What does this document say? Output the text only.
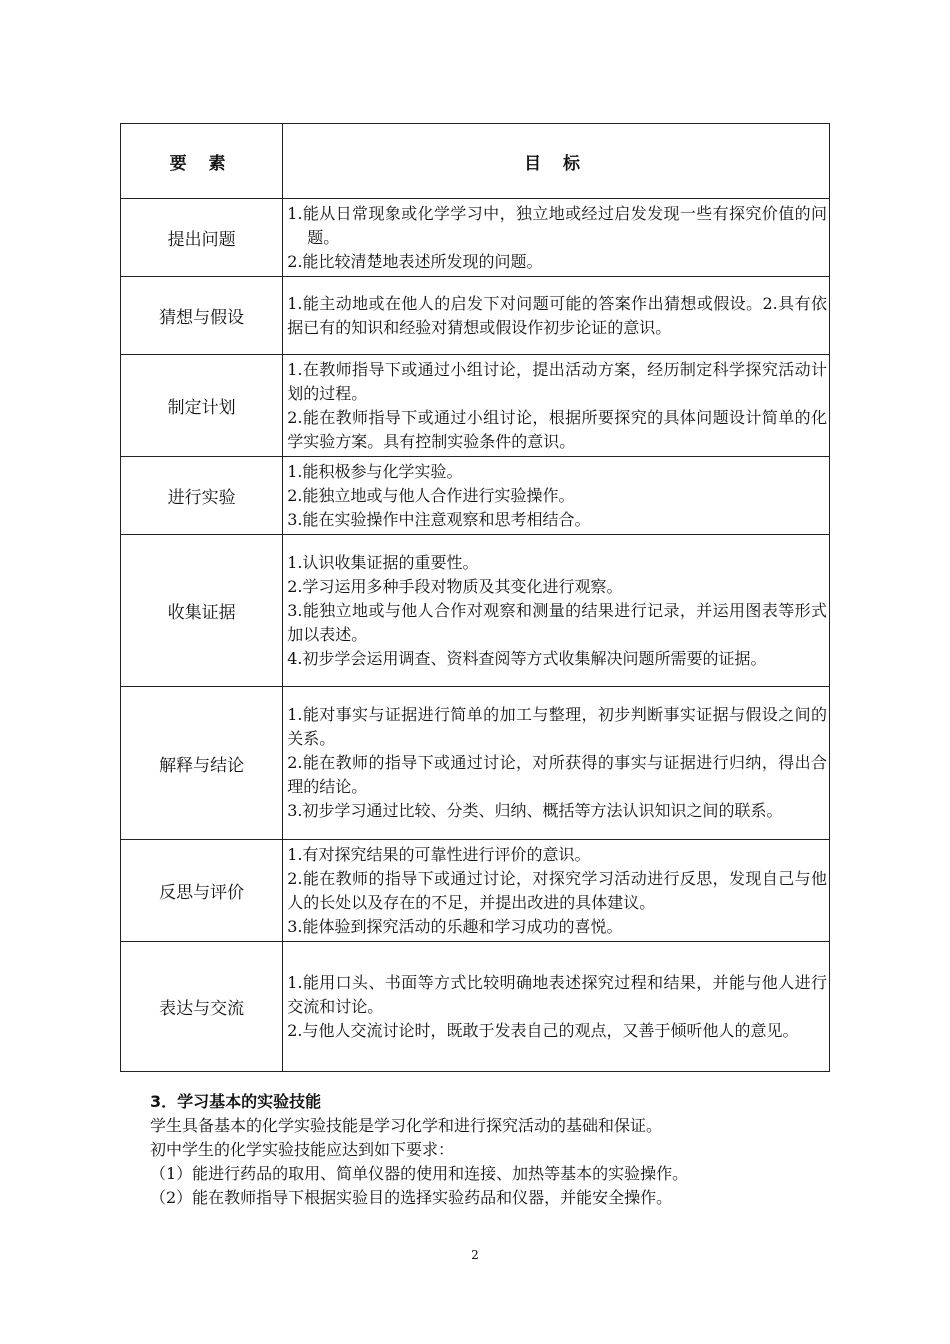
要 素	目 标
提出问题	1.能从日常现象或化学学习中，独立地或经过启发发现一些有探究价值的问题。
2.能比较清楚地表述所发现的问题。

猜想与假设	1.能主动地或在他人的启发下对问题可能的答案作出猜想或假设。2.具有依据已有的知识和经验对猜想或假设作初步论证的意识。

制定计划	1.在教师指导下或通过小组讨论，提出活动方案，经历制定科学探究活动计划的过程。
2.能在教师指导下或通过小组讨论，根据所要探究的具体问题设计简单的化学实验方案。具有控制实验条件的意识。

进行实验	1.能积极参与化学实验。
2.能独立地或与他人合作进行实验操作。
3.能在实验操作中注意观察和思考相结合。

收集证据	1.认识收集证据的重要性。
2.学习运用多种手段对物质及其变化进行观察。
3.能独立地或与他人合作对观察和测量的结果进行记录，并运用图表等形式加以表述。
4.初步学会运用调查、资料查阅等方式收集解决问题所需要的证据。

解释与结论	1.能对事实与证据进行简单的加工与整理，初步判断事实证据与假设之间的关系。
2.能在教师的指导下或通过讨论，对所获得的事实与证据进行归纳，得出合理的结论。
3.初步学习通过比较、分类、归纳、概括等方法认识知识之间的联系。

反思与评价	1.有对探究结果的可靠性进行评价的意识。
2.能在教师的指导下或通过讨论，对探究学习活动进行反思，发现自己与他人的长处以及存在的不足，并提出改进的具体建议。
3.能体验到探究活动的乐趣和学习成功的喜悦。

表达与交流	1.能用口头、书面等方式比较明确地表述探究过程和结果，并能与他人进行交流和讨论。
2.与他人交流讨论时，既敢于发表自己的观点，又善于倾听他人的意见。
3．学习基本的实验技能
学生具备基本的化学实验技能是学习化学和进行探究活动的基础和保证。
初中学生的化学实验技能应达到如下要求：
（1）能进行药品的取用、简单仪器的使用和连接、加热等基本的实验操作。
（2）能在教师指导下根据实验目的选择实验药品和仪器，并能安全操作。
2
